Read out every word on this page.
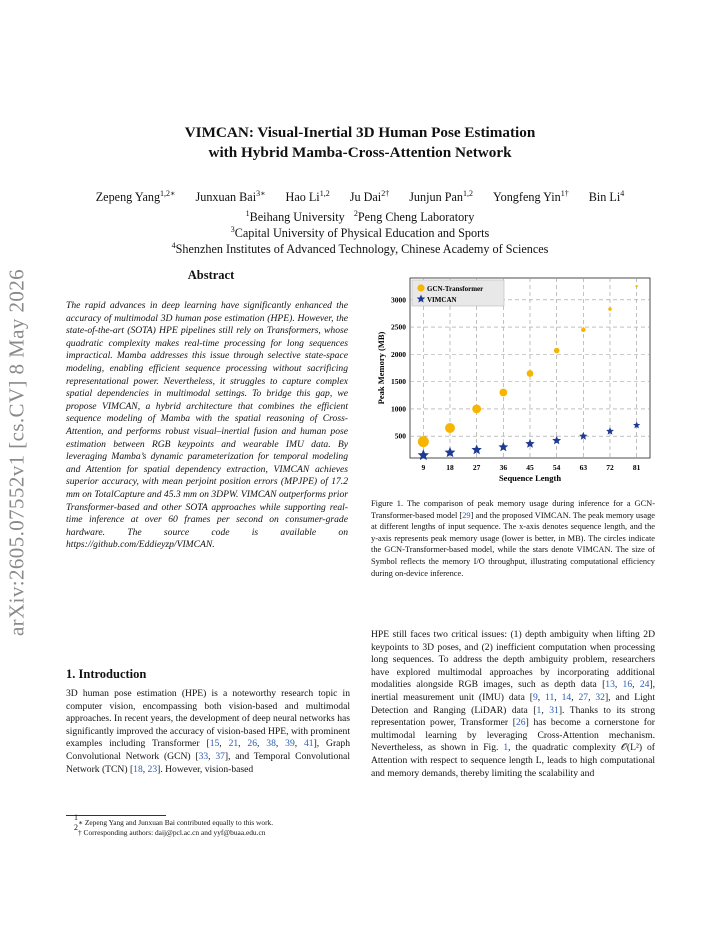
arXiv:2605.07552v1 [cs.CV] 8 May 2026
VIMCAN: Visual-Inertial 3D Human Pose Estimation
with Hybrid Mamba-Cross-Attention Network
Zepeng Yang$^{1,2∗}$ Junxuan Bai$^{3∗}$ Hao Li$^{1,2}$ Ju Dai$^{2\dagger}$ Junjun Pan$^{1,2}$ Yongfeng Yin$^{1\dagger}$ Bin Li$^4$
$^1$Beihang University $^2$Peng Cheng Laboratory
$^3$Capital University of Physical Education and Sports
$^4$Shenzhen Institutes of Advanced Technology, Chinese Academy of Sciences
Abstract
The rapid advances in deep learning have significantly enhanced the accuracy of multimodal 3D human pose estimation (HPE). However, the state-of-the-art (SOTA) HPE pipelines still rely on Transformers, whose quadratic complexity makes real-time processing for long sequences impractical. Mamba addresses this issue through selective state-space modeling, enabling efficient sequence processing without sacrificing representational power. Nevertheless, it struggles to capture complex spatial dependencies in multimodal settings. To bridge this gap, we propose VIMCAN, a hybrid architecture that combines the efficient sequence modeling of Mamba with the spatial reasoning of Cross-Attention, and performs robust visual–inertial fusion and human pose estimation between RGB keypoints and wearable IMU data. By leveraging Mamba’s dynamic parameterization for temporal modeling and Attention for spatial dependency extraction, VIMCAN achieves superior accuracy, with mean perjoint position errors (MPJPE) of 17.2 mm on TotalCapture and 45.3 mm on 3DPW. VIMCAN outperforms prior Transformer-based and other SOTA approaches while supporting real-time inference at over 60 frames per second on consumer-grade hardware. The source code is available on https://github.com/Eddieyzp/VIMCAN.
1. Introduction
3D human pose estimation (HPE) is a noteworthy research topic in computer vision, encompassing both vision-based and multimodal approaches. In recent years, the development of deep neural networks has significantly improved the accuracy of vision-based HPE, with prominent examples including Transformer [15, 21, 26, 38, 39, 41], Graph Convolutional Network (GCN) [33, 37], and Temporal Convolutional Network (TCN) [18, 23]. However, vision-based
$^1$∗ Zepeng Yang and Junxuan Bai contributed equally to this work.
$^2$† Corresponding authors: daij@pcl.ac.cn and yyf@buaa.edu.cn
9	18	27	36	45	54	63	72	81
500
1000
1500
2000
2500
3000
Sequence Length
Peak Memory (MB)
GCN-Transformer
VIMCAN
Figure 1. The comparison of peak memory usage during inference for a GCN-Transformer-based model [29] and the proposed VIMCAN. The peak memory usage at different lengths of input sequence. The x-axis denotes sequence length, and the y-axis represents peak memory usage (lower is better, in MB). The circles indicate the GCN-Transformer-based model, while the stars denote VIMCAN. The size of Symbol reflects the memory I/O throughput, illustrating computational efficiency during on-device inference.
HPE still faces two critical issues: (1) depth ambiguity when lifting 2D keypoints to 3D poses, and (2) inefficient computation when processing long sequences. To address the depth ambiguity problem, researchers have explored multimodal approaches by incorporating additional modalities alongside RGB images, such as depth data [13, 16, 24], inertial measurement unit (IMU) data [9, 11, 14, 27, 32], and Light Detection and Ranging (LiDAR) data [1, 31]. Thanks to its strong representation power, Transformer [26] has become a cornerstone for multimodal learning by leveraging Cross-Attention mechanism. Nevertheless, as shown in Fig. 1, the quadratic complexity 𝒪(L²) of Attention with respect to sequence length L, leads to high computational and memory demands, thereby limiting the scalability and
